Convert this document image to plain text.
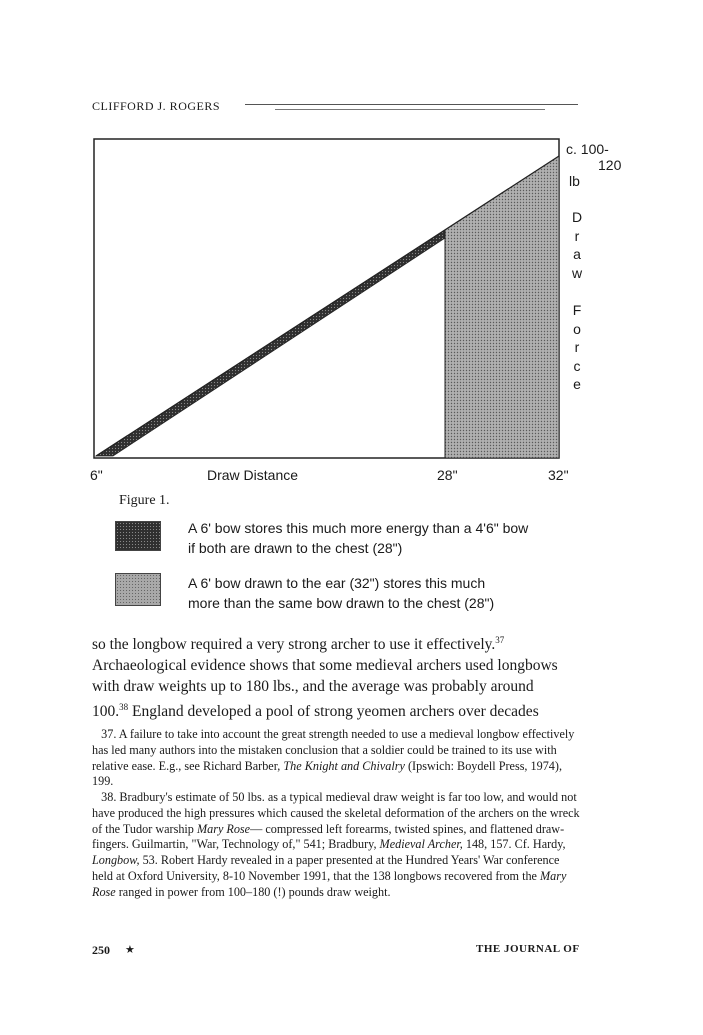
CLIFFORD J. ROGERS
c. 100-
120
lb
D
r
a
w

F
o
r
c
e
6"	Draw Distance	28"	32"
Figure 1.
A 6' bow stores this much more energy than a 4'6" bow
if both are drawn to the chest (28")
A 6' bow drawn to the ear (32") stores this much
more than the same bow drawn to the chest (28")

so the longbow required a very strong archer to use it effectively.$^{37}$

Archaeological evidence shows that some medieval archers used longbows

with draw weights up to 180 lbs., and the average was probably around

100.38 England developed a pool of strong yeomen archers over decades

37. A failure to take into account the great strength needed to use a medieval longbow effectively has led many authors into the mistaken conclusion that a soldier could be trained to its use with relative ease. E.g., see Richard Barber, The Knight and Chivalry (Ipswich: Boydell Press, 1974), 199.

38. Bradbury's estimate of 50 lbs. as a typical medieval draw weight is far too low, and would not have produced the high pressures which caused the skeletal deformation of the archers on the wreck of the Tudor warship Mary Rose— compressed left forearms, twisted spines, and flattened draw-fingers. Guilmartin, "War, Technology of," 541; Bradbury, Medieval Archer, 148, 157. Cf. Hardy, Longbow, 53. Robert Hardy revealed in a paper presented at the Hundred Years' War conference held at Oxford University, 8-10 November 1991, that the 138 longbows recovered from the Mary Rose ranged in power from 100–180 (!) pounds draw weight.

250 ★	THE JOURNAL OF
